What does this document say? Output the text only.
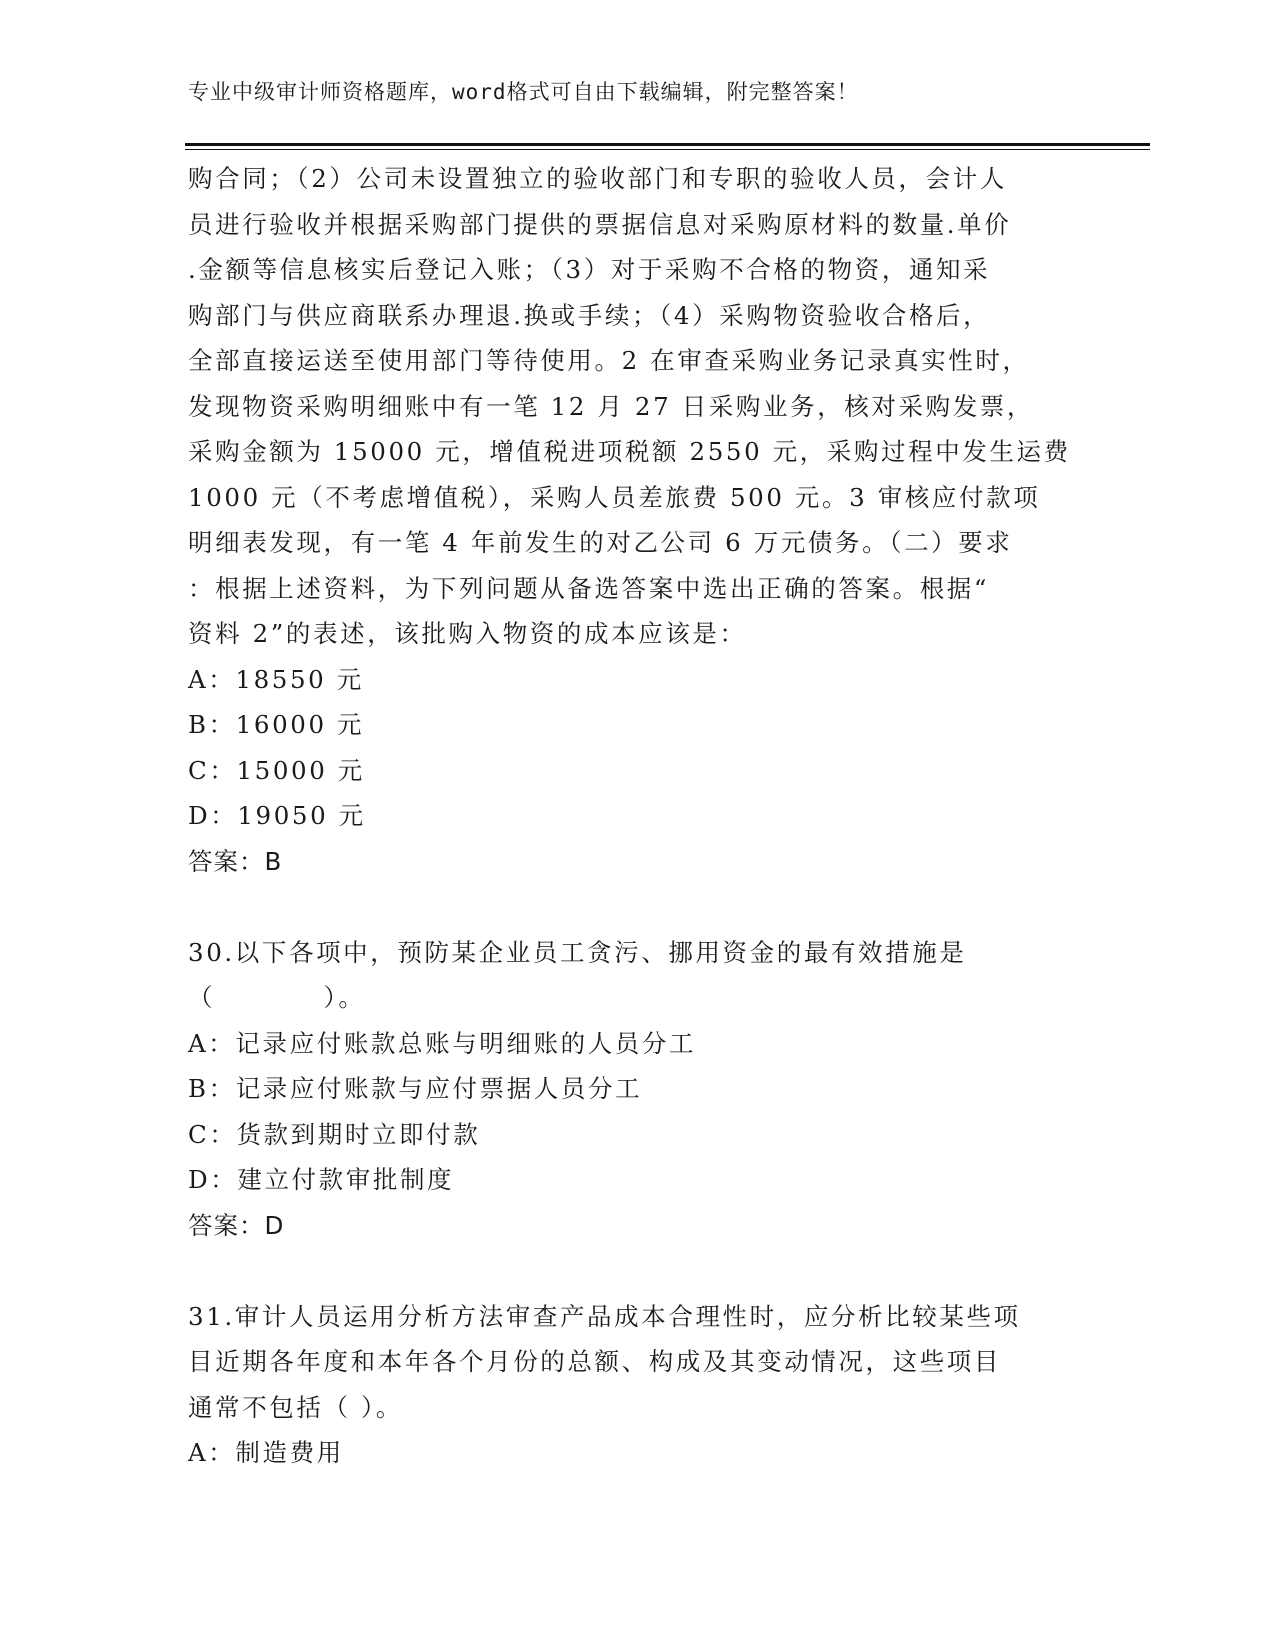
专业中级审计师资格题库，word格式可自由下载编辑，附完整答案！
购合同；（2）公司未设置独立的验收部门和专职的验收人员，会计人
员进行验收并根据采购部门提供的票据信息对采购原材料的数量.单价
.金额等信息核实后登记入账；（3）对于采购不合格的物资，通知采
购部门与供应商联系办理退.换或手续；（4）采购物资验收合格后，
全部直接运送至使用部门等待使用。2 在审查采购业务记录真实性时，
发现物资采购明细账中有一笔 12 月 27 日采购业务，核对采购发票，
采购金额为 15000 元，增值税进项税额 2550 元，采购过程中发生运费
1000 元（不考虑增值税），采购人员差旅费 500 元。3 审核应付款项
明细表发现，有一笔 4 年前发生的对乙公司 6 万元债务。（二）要求
：根据上述资料，为下列问题从备选答案中选出正确的答案。根据“
资料 2”的表述，该批购入物资的成本应该是：
A：18550 元
B：16000 元
C：15000 元
D：19050 元
答案：B
30.以下各项中，预防某企业员工贪污、挪用资金的最有效措施是
（　　　　）。
A：记录应付账款总账与明细账的人员分工
B：记录应付账款与应付票据人员分工
C：货款到期时立即付款
D：建立付款审批制度
答案：D
31.审计人员运用分析方法审查产品成本合理性时，应分析比较某些项
目近期各年度和本年各个月份的总额、构成及其变动情况，这些项目
通常不包括（ ）。
A：制造费用
